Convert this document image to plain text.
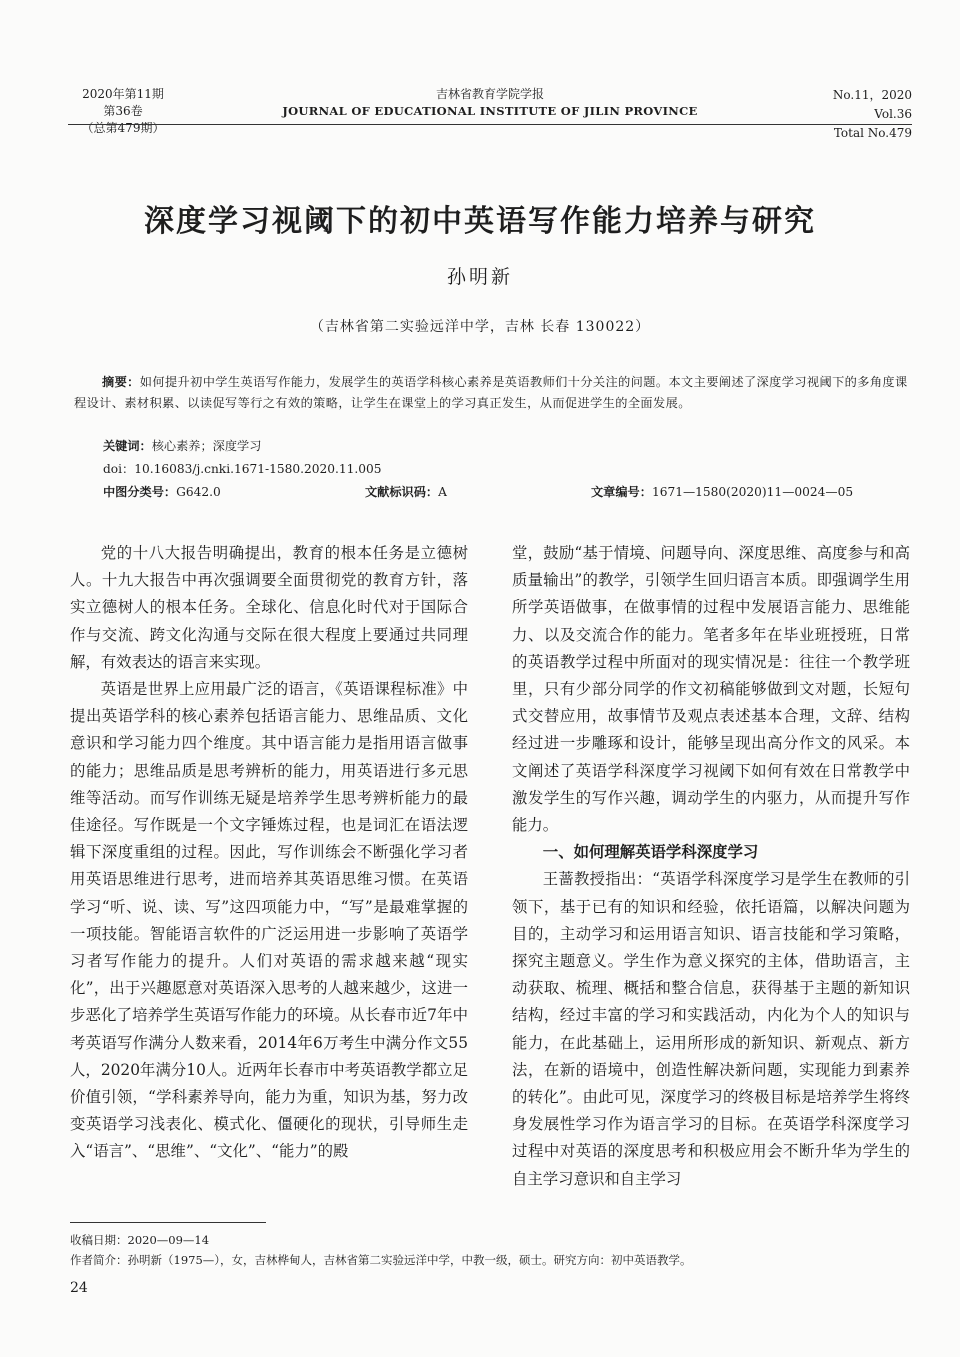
2020年第11期
第36卷
（总第479期）
吉林省教育学院学报
JOURNAL OF EDUCATIONAL INSTITUTE OF JILIN PROVINCE
No.11，2020
Vol.36
Total No.479
深度学习视阈下的初中英语写作能力培养与研究
孙明新
（吉林省第二实验远洋中学，吉林 长春 130022）
摘要：如何提升初中学生英语写作能力，发展学生的英语学科核心素养是英语教师们十分关注的问题。本文主要阐述了深度学习视阈下的多角度课程设计、素材积累、以读促写等行之有效的策略，让学生在课堂上的学习真正发生，从而促进学生的全面发展。
关键词：核心素养；深度学习
doi：10.16083/j.cnki.1671-1580.2020.11.005
中图分类号：G642.0	文献标识码：A	文章编号：1671—1580(2020)11—0024—05

党的十八大报告明确提出，教育的根本任务是立德树人。十九大报告中再次强调要全面贯彻党的教育方针，落实立德树人的根本任务。全球化、信息化时代对于国际合作与交流、跨文化沟通与交际在很大程度上要通过共同理解，有效表达的语言来实现。

英语是世界上应用最广泛的语言，《英语课程标准》中提出英语学科的核心素养包括语言能力、思维品质、文化意识和学习能力四个维度。其中语言能力是指用语言做事的能力；思维品质是思考辨析的能力，用英语进行多元思维等活动。而写作训练无疑是培养学生思考辨析能力的最佳途径。写作既是一个文字锤炼过程，也是词汇在语法逻辑下深度重组的过程。因此，写作训练会不断强化学习者用英语思维进行思考，进而培养其英语思维习惯。在英语学习“听、说、读、写”这四项能力中，“写”是最难掌握的一项技能。智能语言软件的广泛运用进一步影响了英语学习者写作能力的提升。人们对英语的需求越来越“现实化”，出于兴趣愿意对英语深入思考的人越来越少，这进一步恶化了培养学生英语写作能力的环境。从长春市近7年中考英语写作满分人数来看，2014年6万考生中满分作文55人，2020年满分10人。近两年长春市中考英语教学都立足价值引领，“学科素养导向，能力为重，知识为基，努力改变英语学习浅表化、模式化、僵硬化的现状，引导师生走入“语言”、“思维”、“文化”、“能力”的殿

堂，鼓励“基于情境、问题导向、深度思维、高度参与和高质量输出”的教学，引领学生回归语言本质。即强调学生用所学英语做事，在做事情的过程中发展语言能力、思维能力、以及交流合作的能力。笔者多年在毕业班授班，日常的英语教学过程中所面对的现实情况是：往往一个教学班里，只有少部分同学的作文初稿能够做到文对题，长短句式交替应用，故事情节及观点表述基本合理，文辞、结构经过进一步雕琢和设计，能够呈现出高分作文的风采。本文阐述了英语学科深度学习视阈下如何有效在日常教学中激发学生的写作兴趣，调动学生的内驱力，从而提升写作能力。

一、如何理解英语学科深度学习

王蔷教授指出：“英语学科深度学习是学生在教师的引领下，基于已有的知识和经验，依托语篇，以解决问题为目的，主动学习和运用语言知识、语言技能和学习策略，探究主题意义。学生作为意义探究的主体，借助语言，主动获取、梳理、概括和整合信息，获得基于主题的新知识结构，经过丰富的学习和实践活动，内化为个人的知识与能力，在此基础上，运用所形成的新知识、新观点、新方法，在新的语境中，创造性解决新问题，实现能力到素养的转化”。由此可见，深度学习的终极目标是培养学生将终身发展性学习作为语言学习的目标。在英语学科深度学习过程中对英语的深度思考和积极应用会不断升华为学生的自主学习意识和自主学习

收稿日期：2020—09—14
作者简介：孙明新（1975—），女，吉林桦甸人，吉林省第二实验远洋中学，中教一级，硕士。研究方向：初中英语教学。
24
